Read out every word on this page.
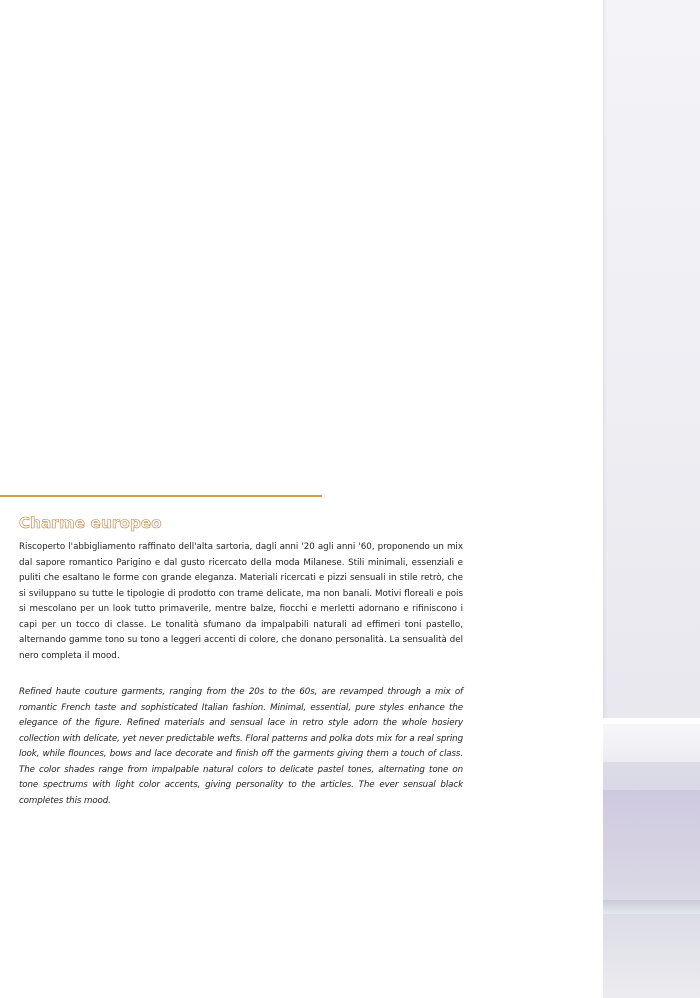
Charme europeo

Riscoperto l'abbigliamento raffinato dell'alta sartoria, dagli anni '20 agli anni '60, proponendo un mix dal sapore romantico Parigino e dal gusto ricercato della moda Milanese. Stili minimali, essenziali e puliti che esaltano le forme con grande eleganza. Materiali ricercati e pizzi sensuali in stile retrò, che si sviluppano su tutte le tipologie di prodotto con trame delicate, ma non banali. Motivi floreali e pois si mescolano per un look tutto primaverile, mentre balze, fiocchi e merletti adornano e rifiniscono i capi per un tocco di classe. Le tonalità sfumano da impalpabili naturali ad effimeri toni pastello, alternando gamme tono su tono a leggeri accenti di colore, che donano personalità. La sensualità del nero completa il mood.

Refined haute couture garments, ranging from the 20s to the 60s, are revamped through a mix of romantic French taste and sophisticated Italian fashion. Minimal, essential, pure styles enhance the elegance of the figure. Refined materials and sensual lace in retro style adorn the whole hosiery collection with delicate, yet never predictable wefts. Floral patterns and polka dots mix for a real spring look, while flounces, bows and lace decorate and finish off the garments giving them a touch of class. The color shades range from impalpable natural colors to delicate pastel tones, alternating tone on tone spectrums with light color accents, giving personality to the articles. The ever sensual black completes this mood.
